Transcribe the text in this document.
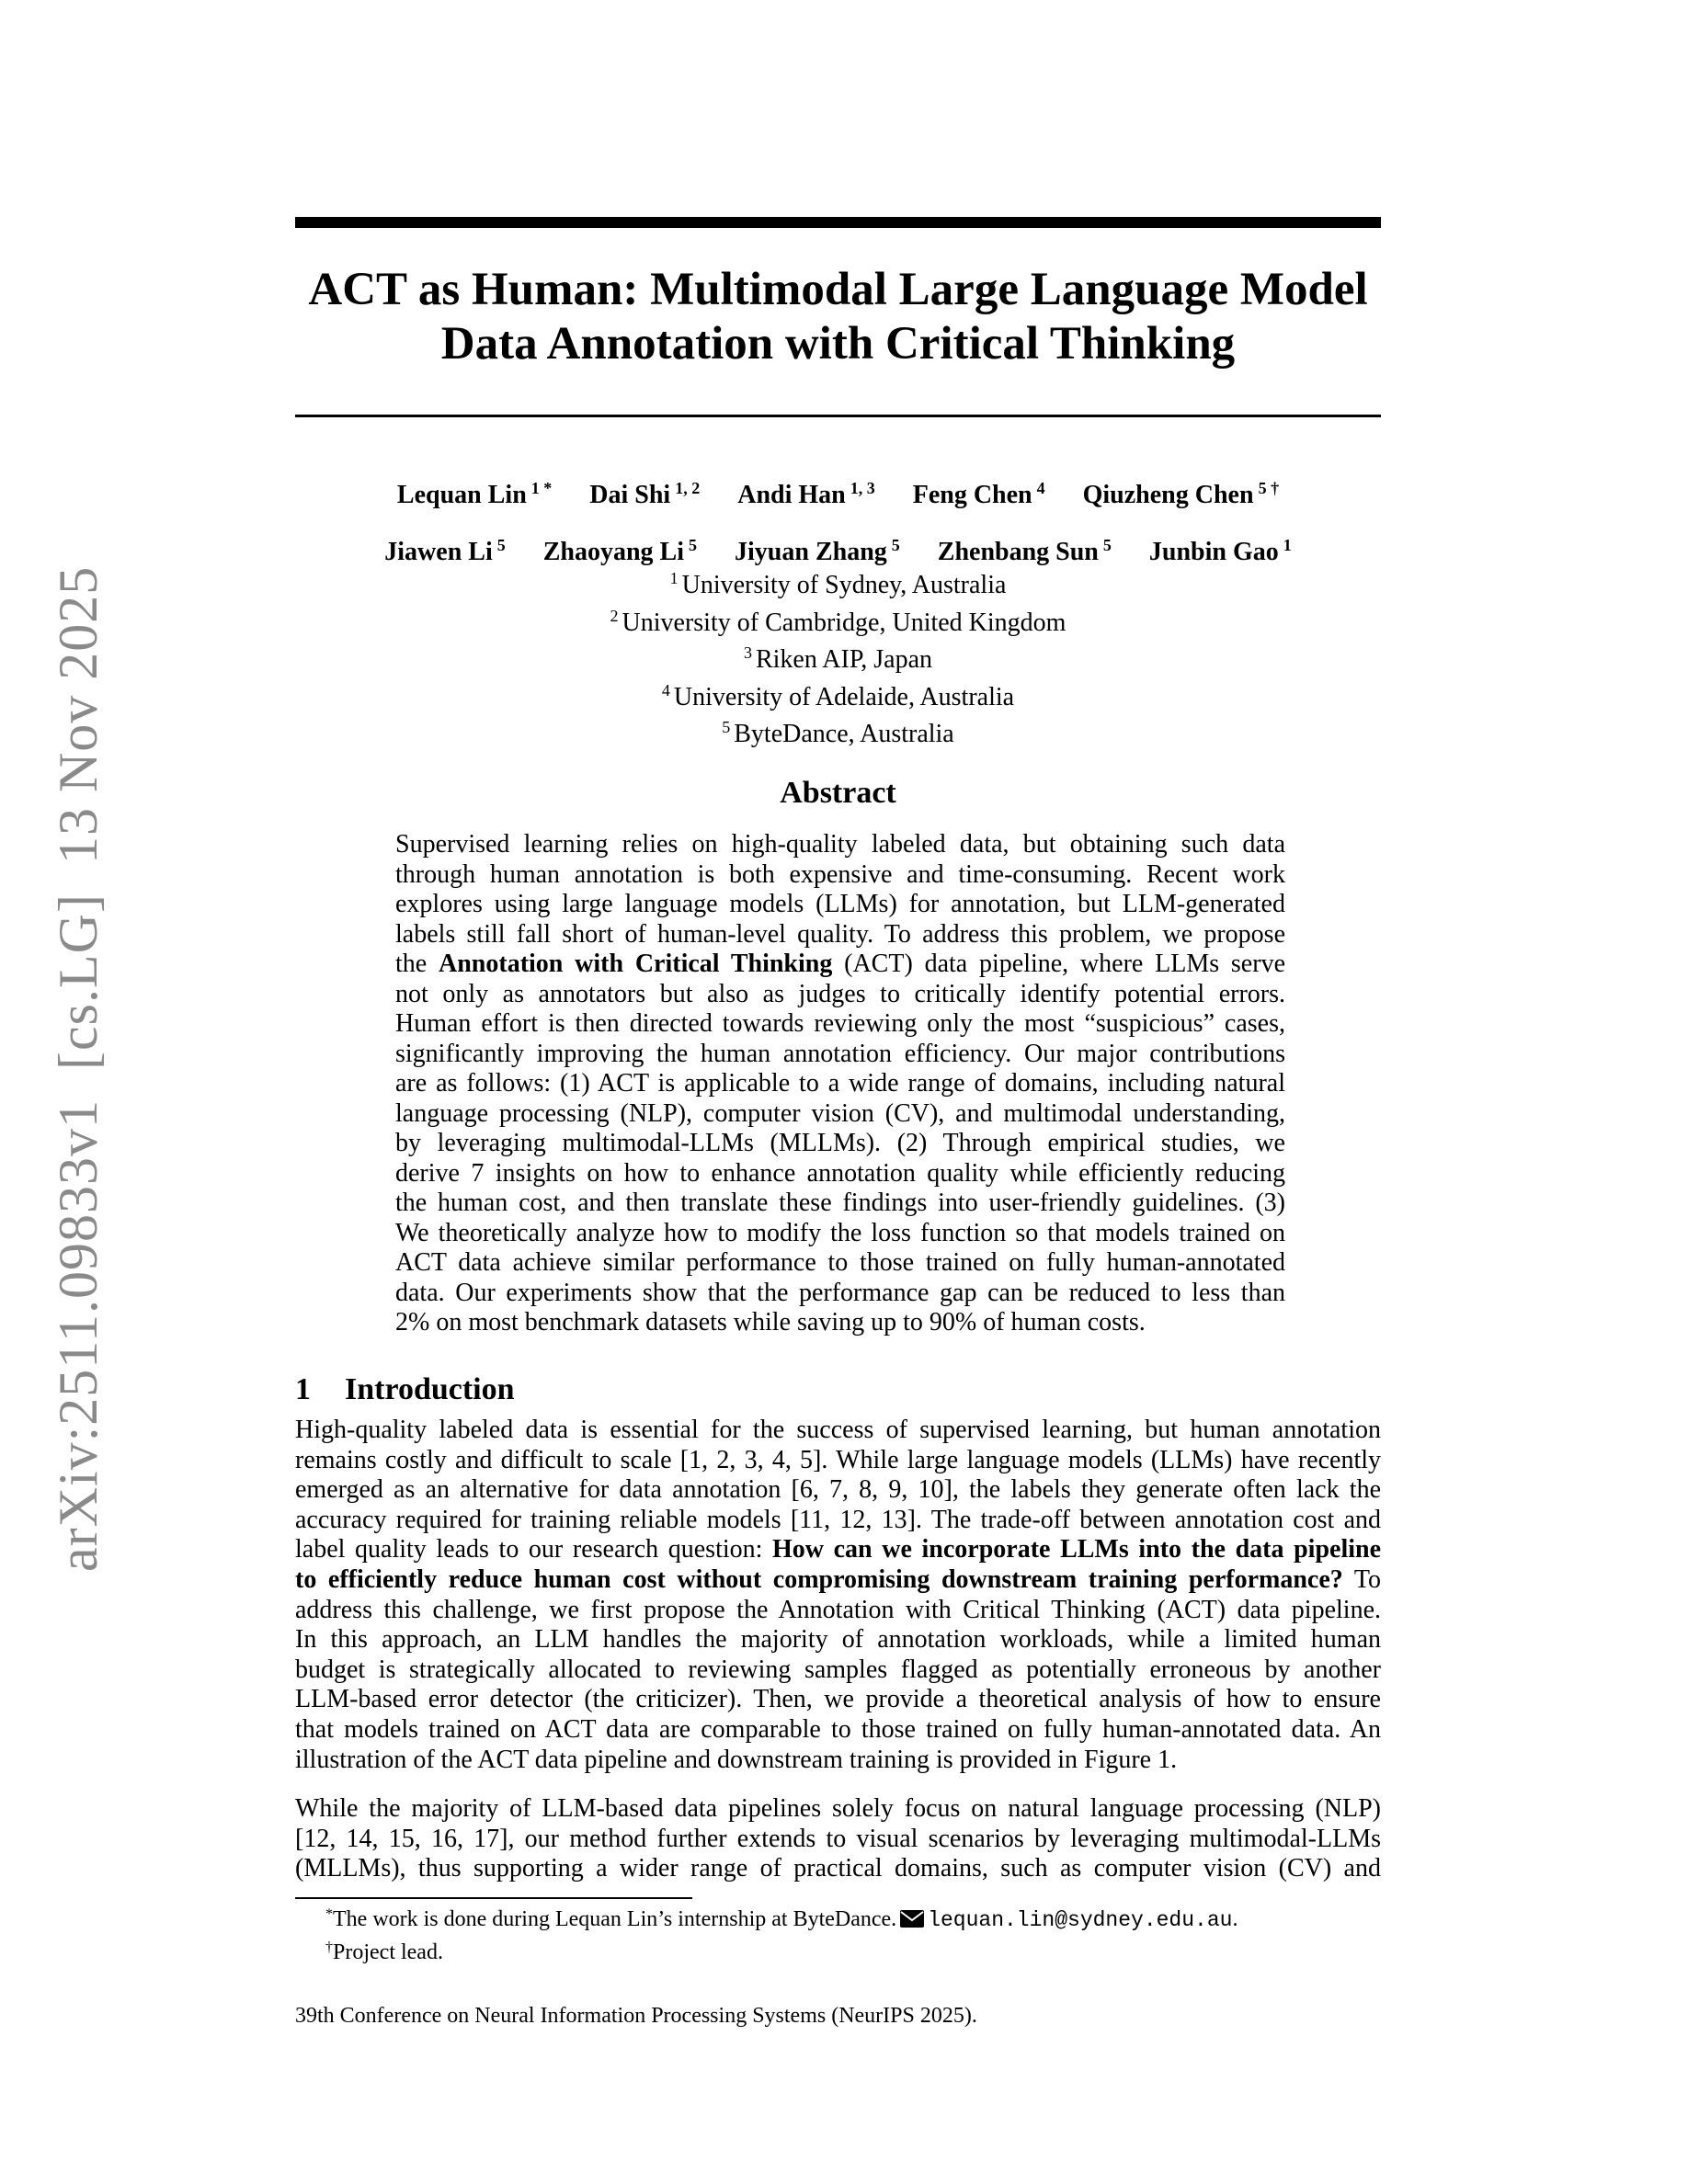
arXiv:2511.09833v1  [cs.LG]  13 Nov 2025
ACT as Human: Multimodal Large Language Model
Data Annotation with Critical Thinking
Lequan Lin $^{1 *}$ Dai Shi $^{1, 2}$ Andi Han $^{1, 3}$ Feng Chen $^4$ Qiuzheng Chen $^{5 \dagger}$
Jiawen Li $^5$ Zhaoyang Li $^5$ Jiyuan Zhang $^5$ Zhenbang Sun $^5$ Junbin Gao $^1$
$^1$ University of Sydney, Australia
$^2$ University of Cambridge, United Kingdom
$^3$ Riken AIP, Japan
$^4$ University of Adelaide, Australia
$^5$ ByteDance, Australia
Abstract
Supervised learning relies on high-quality labeled data, but obtaining such data
through human annotation is both expensive and time-consuming. Recent work
explores using large language models (LLMs) for annotation, but LLM-generated
labels still fall short of human-level quality. To address this problem, we propose
the Annotation with Critical Thinking (ACT) data pipeline, where LLMs serve
not only as annotators but also as judges to critically identify potential errors.
Human effort is then directed towards reviewing only the most “suspicious” cases,
significantly improving the human annotation efficiency. Our major contributions
are as follows: (1) ACT is applicable to a wide range of domains, including natural
language processing (NLP), computer vision (CV), and multimodal understanding,
by leveraging multimodal-LLMs (MLLMs). (2) Through empirical studies, we
derive 7 insights on how to enhance annotation quality while efficiently reducing
the human cost, and then translate these findings into user-friendly guidelines. (3)
We theoretically analyze how to modify the loss function so that models trained on
ACT data achieve similar performance to those trained on fully human-annotated
data. Our experiments show that the performance gap can be reduced to less than
2% on most benchmark datasets while saving up to 90% of human costs.
1 Introduction
High-quality labeled data is essential for the success of supervised learning, but human annotation
remains costly and difficult to scale [1, 2, 3, 4, 5]. While large language models (LLMs) have recently
emerged as an alternative for data annotation [6, 7, 8, 9, 10], the labels they generate often lack the
accuracy required for training reliable models [11, 12, 13]. The trade-off between annotation cost and
label quality leads to our research question: How can we incorporate LLMs into the data pipeline
to efficiently reduce human cost without compromising downstream training performance? To
address this challenge, we first propose the Annotation with Critical Thinking (ACT) data pipeline.
In this approach, an LLM handles the majority of annotation workloads, while a limited human
budget is strategically allocated to reviewing samples flagged as potentially erroneous by another
LLM-based error detector (the criticizer). Then, we provide a theoretical analysis of how to ensure
that models trained on ACT data are comparable to those trained on fully human-annotated data. An
illustration of the ACT data pipeline and downstream training is provided in Figure 1.
While the majority of LLM-based data pipelines solely focus on natural language processing (NLP)
[12, 14, 15, 16, 17], our method further extends to visual scenarios by leveraging multimodal-LLMs
(MLLMs), thus supporting a wider range of practical domains, such as computer vision (CV) and
*The work is done during Lequan Lin’s internship at ByteDance. lequan.lin@sydney.edu.au.
†Project lead.
39th Conference on Neural Information Processing Systems (NeurIPS 2025).
